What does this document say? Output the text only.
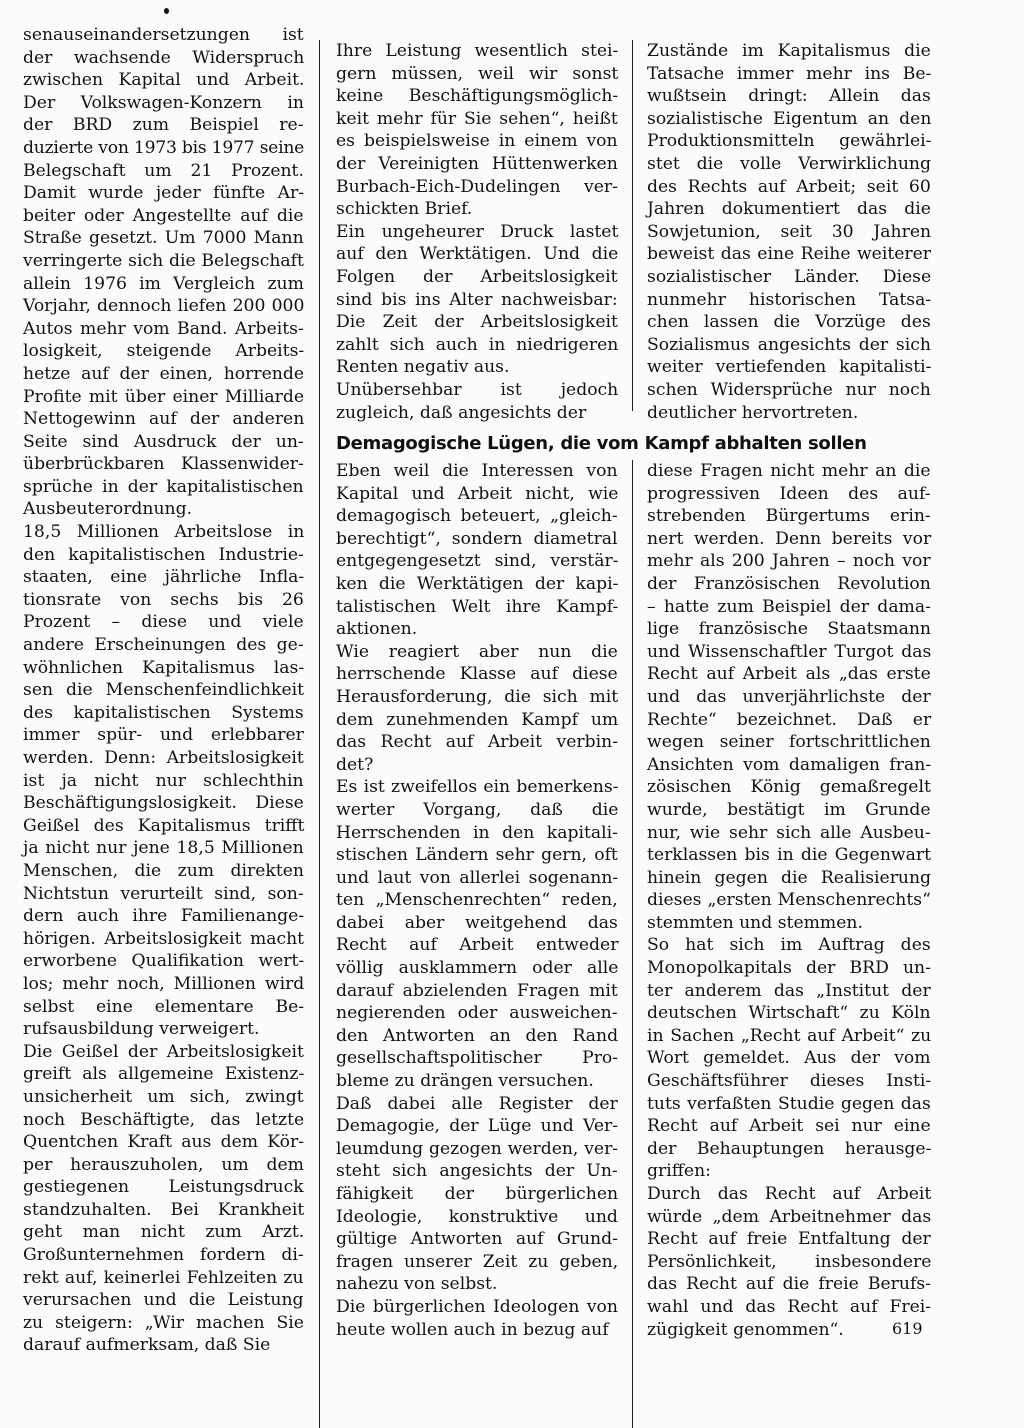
senauseinandersetzungen ist
der wachsende Widerspruch
zwischen Kapital und Arbeit.
Der Volkswagen-Konzern in
der BRD zum Beispiel re-
duzierte von 1973 bis 1977 seine
Belegschaft um 21 Prozent.
Damit wurde jeder fünfte Ar-
beiter oder Angestellte auf die
Straße gesetzt. Um 7000 Mann
verringerte sich die Belegschaft
allein 1976 im Vergleich zum
Vorjahr, dennoch liefen 200 000
Autos mehr vom Band. Arbeits-
losigkeit, steigende Arbeits-
hetze auf der einen, horrende
Profite mit über einer Milliarde
Nettogewinn auf der anderen
Seite sind Ausdruck der un-
überbrückbaren Klassenwider-
sprüche in der kapitalistischen
Ausbeuterordnung.

18,5 Millionen Arbeitslose in
den kapitalistischen Industrie-
staaten, eine jährliche Infla-
tionsrate von sechs bis 26
Prozent – diese und viele
andere Erscheinungen des ge-
wöhnlichen Kapitalismus las-
sen die Menschenfeindlichkeit
des kapitalistischen Systems
immer spür- und erlebbarer
werden. Denn: Arbeitslosigkeit
ist ja nicht nur schlechthin
Beschäftigungslosigkeit. Diese
Geißel des Kapitalismus trifft
ja nicht nur jene 18,5 Millionen
Menschen, die zum direkten
Nichtstun verurteilt sind, son-
dern auch ihre Familienange-
hörigen. Arbeitslosigkeit macht
erworbene Qualifikation wert-
los; mehr noch, Millionen wird
selbst eine elementare Be-
rufsausbildung verweigert.

Die Geißel der Arbeitslosigkeit
greift als allgemeine Existenz-
unsicherheit um sich, zwingt
noch Beschäftigte, das letzte
Quentchen Kraft aus dem Kör-
per herauszuholen, um dem
gestiegenen Leistungsdruck
standzuhalten. Bei Krankheit
geht man nicht zum Arzt.
Großunternehmen fordern di-
rekt auf, keinerlei Fehlzeiten zu
verursachen und die Leistung
zu steigern: „Wir machen Sie
darauf aufmerksam, daß Sie

Ihre Leistung wesentlich stei-
gern müssen, weil wir sonst
keine Beschäftigungsmöglich-
keit mehr für Sie sehen“, heißt
es beispielsweise in einem von
der Vereinigten Hüttenwerken
Burbach-Eich-Dudelingen ver-
schickten Brief.

Ein ungeheurer Druck lastet
auf den Werktätigen. Und die
Folgen der Arbeitslosigkeit
sind bis ins Alter nachweisbar:
Die Zeit der Arbeitslosigkeit
zahlt sich auch in niedrigeren
Renten negativ aus.

Unübersehbar ist jedoch
zugleich, daß angesichts der

Zustände im Kapitalismus die
Tatsache immer mehr ins Be-
wußtsein dringt: Allein das
sozialistische Eigentum an den
Produktionsmitteln gewährlei-
stet die volle Verwirklichung
des Rechts auf Arbeit; seit 60
Jahren dokumentiert das die
Sowjetunion, seit 30 Jahren
beweist das eine Reihe weiterer
sozialistischer Länder. Diese
nunmehr historischen Tatsa-
chen lassen die Vorzüge des
Sozialismus angesichts der sich
weiter vertiefenden kapitalisti-
schen Widersprüche nur noch
deutlicher hervortreten.

Demagogische Lügen, die vom Kampf abhalten sollen

Eben weil die Interessen von
Kapital und Arbeit nicht, wie
demagogisch beteuert, „gleich-
berechtigt“, sondern diametral
entgegengesetzt sind, verstär-
ken die Werktätigen der kapi-
talistischen Welt ihre Kampf-
aktionen.

Wie reagiert aber nun die
herrschende Klasse auf diese
Herausforderung, die sich mit
dem zunehmenden Kampf um
das Recht auf Arbeit verbin-
det?

Es ist zweifellos ein bemerkens-
werter Vorgang, daß die
Herrschenden in den kapitali-
stischen Ländern sehr gern, oft
und laut von allerlei sogenann-
ten „Menschenrechten“ reden,
dabei aber weitgehend das
Recht auf Arbeit entweder
völlig ausklammern oder alle
darauf abzielenden Fragen mit
negierenden oder ausweichen-
den Antworten an den Rand
gesellschaftspolitischer Pro-
bleme zu drängen versuchen.

Daß dabei alle Register der
Demagogie, der Lüge und Ver-
leumdung gezogen werden, ver-
steht sich angesichts der Un-
fähigkeit der bürgerlichen
Ideologie, konstruktive und
gültige Antworten auf Grund-
fragen unserer Zeit zu geben,
nahezu von selbst.

Die bürgerlichen Ideologen von
heute wollen auch in bezug auf

diese Fragen nicht mehr an die
progressiven Ideen des auf-
strebenden Bürgertums erin-
nert werden. Denn bereits vor
mehr als 200 Jahren – noch vor
der Französischen Revolution
– hatte zum Beispiel der dama-
lige französische Staatsmann
und Wissenschaftler Turgot das
Recht auf Arbeit als „das erste
und das unverjährlichste der
Rechte“ bezeichnet. Daß er
wegen seiner fortschrittlichen
Ansichten vom damaligen fran-
zösischen König gemaßregelt
wurde, bestätigt im Grunde
nur, wie sehr sich alle Ausbeu-
terklassen bis in die Gegenwart
hinein gegen die Realisierung
dieses „ersten Menschenrechts“
stemmten und stemmen.

So hat sich im Auftrag des
Monopolkapitals der BRD un-
ter anderem das „Institut der
deutschen Wirtschaft“ zu Köln
in Sachen „Recht auf Arbeit“ zu
Wort gemeldet. Aus der vom
Geschäftsführer dieses Insti-
tuts verfaßten Studie gegen das
Recht auf Arbeit sei nur eine
der Behauptungen herausge-
griffen:

Durch das Recht auf Arbeit
würde „dem Arbeitnehmer das
Recht auf freie Entfaltung der
Persönlichkeit, insbesondere
das Recht auf die freie Berufs-
wahl und das Recht auf Frei-
zügigkeit genommen“.	619
